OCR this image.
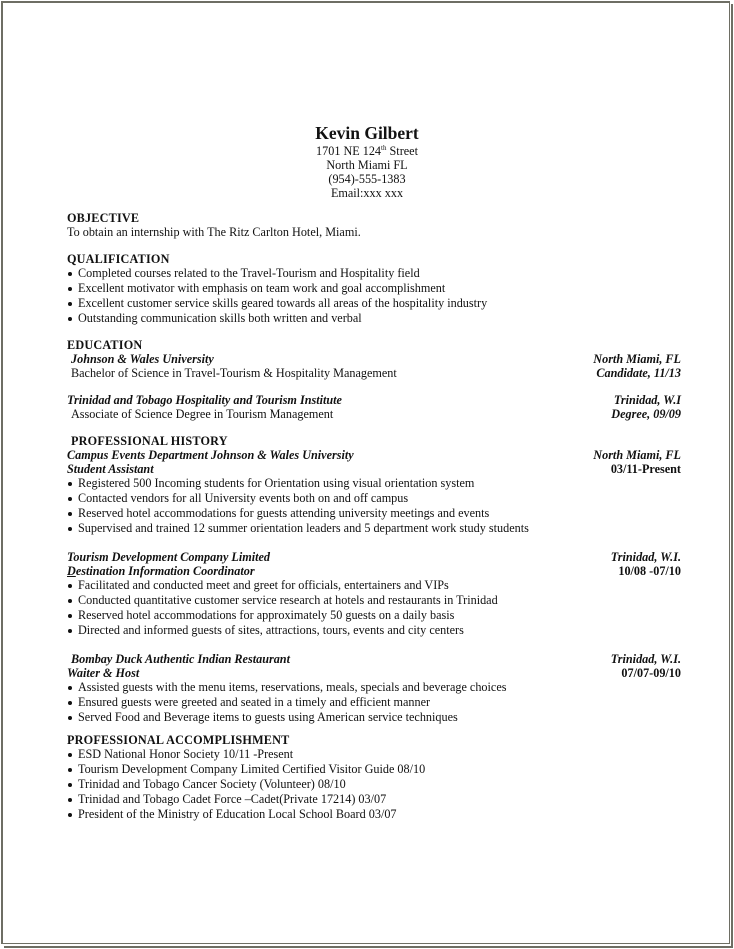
Kevin Gilbert
1701 NE 124th Street
North Miami FL
(954)-555-1383
Email:xxx xxx
OBJECTIVE
To obtain an internship with The Ritz Carlton Hotel, Miami.
QUALIFICATION
Completed courses related to the Travel-Tourism and Hospitality field
Excellent motivator with emphasis on team work and goal accomplishment
Excellent customer service skills geared towards all areas of the hospitality industry
Outstanding communication skills both written and verbal
EDUCATION
Johnson & Wales University	North Miami, FL
Bachelor of Science in Travel-Tourism & Hospitality Management	Candidate, 11/13
Trinidad and Tobago Hospitality and Tourism Institute	Trinidad, W.I
Associate of Science Degree in Tourism Management	Degree, 09/09
PROFESSIONAL HISTORY
Campus Events Department Johnson & Wales University	North Miami, FL
Student Assistant	03/11-Present
Registered 500 Incoming students for Orientation using visual orientation system
Contacted vendors for all University events both on and off campus
Reserved hotel accommodations for guests attending university meetings and events
Supervised and trained 12 summer orientation leaders and 5 department work study students
Tourism Development Company Limited	Trinidad, W.I.
Destination Information Coordinator	10/08 -07/10
Facilitated and conducted meet and greet for officials, entertainers and VIPs
Conducted quantitative customer service research at hotels and restaurants in Trinidad
Reserved hotel accommodations for approximately 50 guests on a daily basis
Directed and informed guests of sites, attractions, tours, events and city centers
Bombay Duck Authentic Indian Restaurant	Trinidad, W.I.
Waiter & Host	07/07-09/10
Assisted guests with the menu items, reservations, meals, specials and beverage choices
Ensured guests were greeted and seated in a timely and efficient manner
Served Food and Beverage items to guests using American service techniques
PROFESSIONAL ACCOMPLISHMENT
ESD National Honor Society 10/11 -Present
Tourism Development Company Limited Certified Visitor Guide 08/10
Trinidad and Tobago Cancer Society (Volunteer) 08/10
Trinidad and Tobago Cadet Force –Cadet(Private 17214) 03/07
President of the Ministry of Education Local School Board 03/07
